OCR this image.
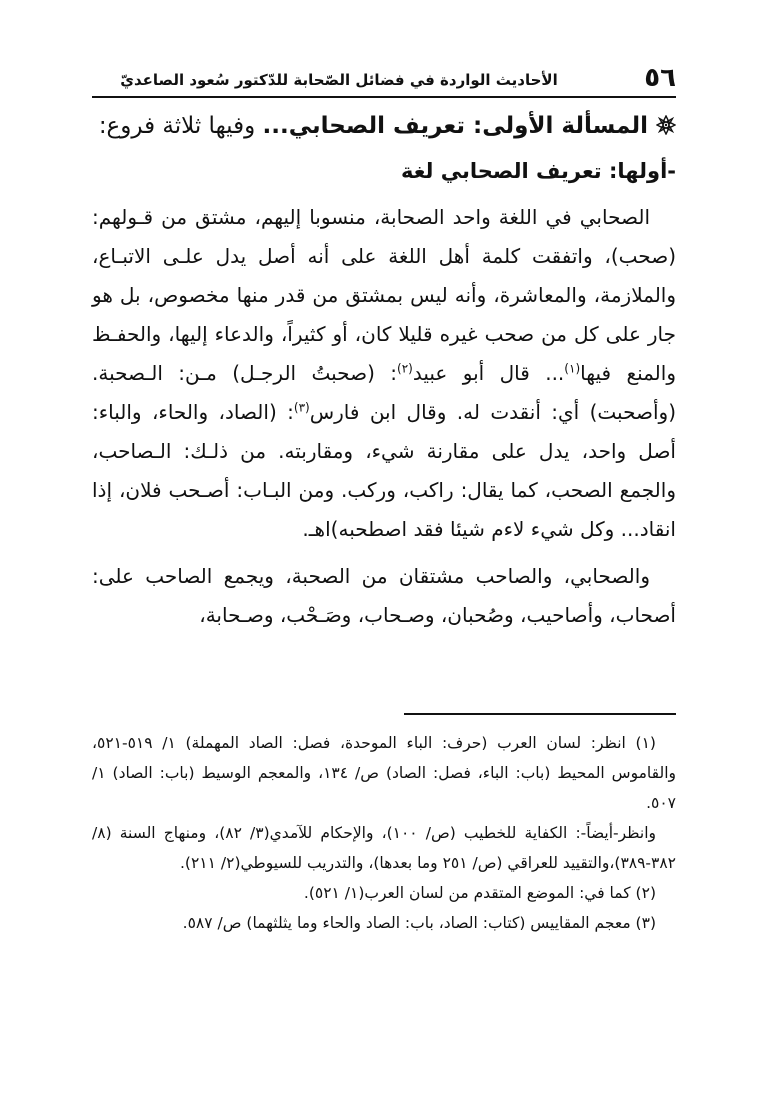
٥٦
الأحاديث الواردة في فضائل الصّحابة للدّكتور سُعود الصاعديّ
المسألة الأولى: تعريف الصحابي... وفيها ثلاثة فروع:
-أولها: تعريف الصحابي لغة

الصحابي في اللغة واحد الصحابة، منسوبا إليهم، مشتق من قـولهم: (صحب)، واتفقت كلمة أهل اللغة على أنه أصل يدل علـى الاتبـاع، والملازمة، والمعاشرة، وأنه ليس بمشتق من قدر منها مخصوص، بل هو جار على كل من صحب غيره قليلا كان، أو كثيراً، والدعاء إليها، والحفـظ والمنع فيها$^{(١)}$... قال أبو عبيد$^{(٢)}$: (صحبتُ الرجـل) مـن: الـصحبة. (وأصحبت) أي: أنقدت له. وقال ابن فارس$^{(٣)}$: (الصاد، والحاء، والباء: أصل واحد، يدل على مقارنة شيء، ومقاربته. من ذلـك: الـصاحب، والجمع الصحب، كما يقال: راكب، وركب. ومن البـاب: أصـحب فلان، إذا انقاد... وكل شيء لاءم شيئا فقد اصطحبه)اهـ.

والصحابي، والصاحب مشتقان من الصحبة، ويجمع الصاحب على: أصحاب، وأصاحيب، وصُحبان، وصـحاب، وصَـحْب، وصـحابة،

(١) انظر: لسان العرب (حرف: الباء الموحدة، فصل: الصاد المهملة) ١/ ٥١٩-٥٢١، والقاموس المحيط (باب: الباء، فصل: الصاد) ص/ ١٣٤، والمعجم الوسيط (باب: الصاد) ١/ ٥٠٧.

وانظر-أيضاً-: الكفاية للخطيب (ص/ ١٠٠)، والإحكام للآمدي(٣/ ٨٢)، ومنهاج السنة (٨/ ٣٨٢-٣٨٩)،والتقييد للعراقي (ص/ ٢٥١ وما بعدها)، والتدريب للسيوطي(٢/ ٢١١).

(٢) كما في: الموضع المتقدم من لسان العرب(١/ ٥٢١).

(٣) معجم المقاييس (كتاب: الصاد، باب: الصاد والحاء وما يثلثهما) ص/ ٥٨٧.
